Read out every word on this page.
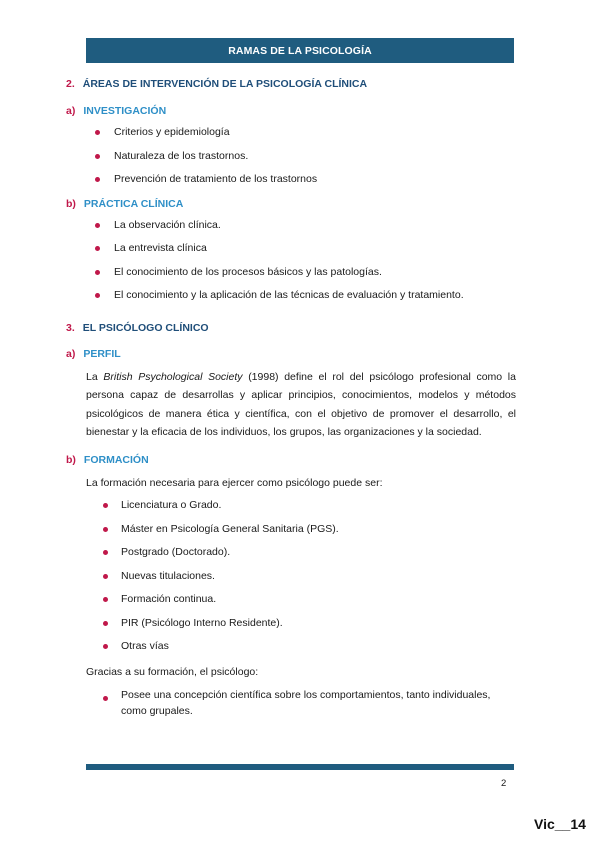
RAMAS DE LA PSICOLOGÍA
2. ÁREAS DE INTERVENCIÓN DE LA PSICOLOGÍA CLÍNICA
a) INVESTIGACIÓN
Criterios y epidemiología
Naturaleza de los trastornos.
Prevención de tratamiento de los trastornos
b) PRÁCTICA CLÍNICA
La observación clínica.
La entrevista clínica
El conocimiento de los procesos básicos y las patologías.
El conocimiento y la aplicación de las técnicas de evaluación y tratamiento.
3. EL PSICÓLOGO CLÍNICO
a) PERFIL

La British Psychological Society (1998) define el rol del psicólogo profesional como la persona capaz de desarrollas y aplicar principios, conocimientos, modelos y métodos psicológicos de manera ética y científica, con el objetivo de promover el desarrollo, el bienestar y la eficacia de los individuos, los grupos, las organizaciones y la sociedad.

b) FORMACIÓN

La formación necesaria para ejercer como psicólogo puede ser:

Licenciatura o Grado.
Máster en Psicología General Sanitaria (PGS).
Postgrado (Doctorado).
Nuevas titulaciones.
Formación continua.
PIR (Psicólogo Interno Residente).
Otras vías

Gracias a su formación, el psicólogo:

Posee una concepción científica sobre los comportamientos, tanto individuales, como grupales.
2
Vic__14
